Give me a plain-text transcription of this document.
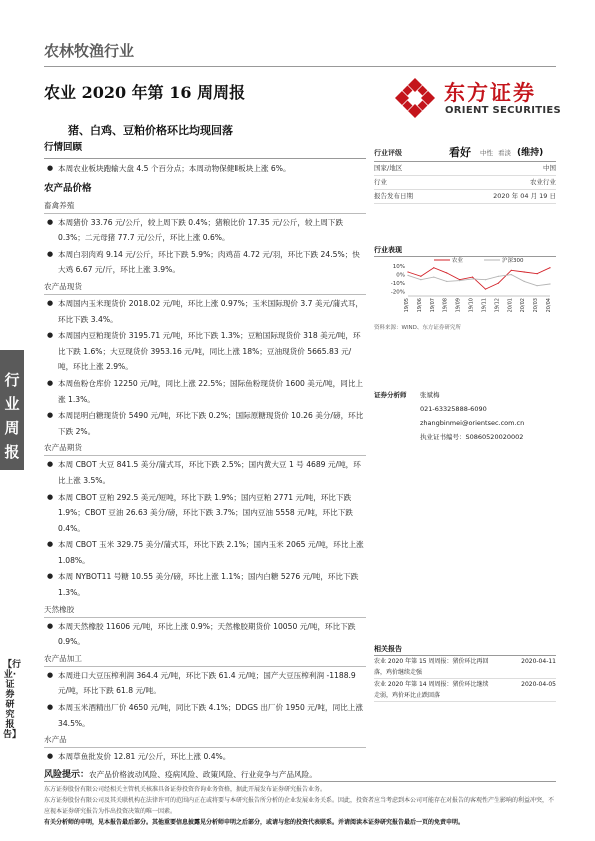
农林牧渔行业
农业 2020 年第 16 周周报
猪、白鸡、豆粕价格环比均现回落
东方证券
ORIENT SECURITIES
行情回顾
● 本周农业板块跑输大盘 4.5 个百分点；本周动物保健Ⅱ板块上涨 6%。
农产品价格
畜禽养殖
● 本周猪价 33.76 元/公斤，较上周下跌 0.4%；猪粮比价 17.35 元/公斤，较上周下跌 0.3%；二元母猪 77.7 元/公斤，环比上涨 0.6%。
● 本周白羽肉鸡 9.14 元/公斤，环比下跌 5.9%；肉鸡苗 4.72 元/羽，环比下跌 24.5%；快大鸡 6.67 元/斤，环比上涨 3.9%。
农产品现货
● 本周国内玉米现货价 2018.02 元/吨，环比上涨 0.97%；玉米国际现价 3.7 美元/蒲式耳，环比下跌 3.4%。
● 本周国内豆粕现货价 3195.71 元/吨，环比下跌 1.3%；豆粕国际现货价 318 美元/吨，环比下跌 1.6%；大豆现货价 3953.16 元/吨，同比上涨 18%；豆油现货价 5665.83 元/吨，环比上涨 2.9%。
● 本周鱼粉仓库价 12250 元/吨，同比上涨 22.5%；国际鱼粉现货价 1600 美元/吨，同比上涨 1.3%。
● 本周昆明白糖现货价 5490 元/吨，环比下跌 0.2%；国际原糖现货价 10.26 美分/磅，环比下跌 2%。
农产品期货
● 本周 CBOT 大豆 841.5 美分/蒲式耳，环比下跌 2.5%；国内黄大豆 1 号 4689 元/吨，环比上涨 3.5%。
● 本周 CBOT 豆粕 292.5 美元/短吨，环比下跌 1.9%；国内豆粕 2771 元/吨，环比下跌 1.9%；CBOT 豆油 26.63 美分/磅，环比下跌 3.7%；国内豆油 5558 元/吨，环比下跌 0.4%。
● 本周 CBOT 玉米 329.75 美分/蒲式耳，环比下跌 2.1%；国内玉米 2065 元/吨，环比上涨 1.08%。
● 本周 NYBOT11 号糖 10.55 美分/磅，环比上涨 1.1%；国内白糖 5276 元/吨，环比下跌 1.3%。
天然橡胶
● 本周天然橡胶 11606 元/吨，环比上涨 0.9%；天然橡胶期货价 10050 元/吨，环比下跌 0.9%。
农产品加工
● 本周进口大豆压榨利润 364.4 元/吨，环比下跌 61.4 元/吨；国产大豆压榨利润 -1188.9 元/吨，环比下跌 61.8 元/吨。
● 本周玉米酒精出厂价 4650 元/吨，同比下跌 4.1%；DDGS 出厂价 1950 元/吨，同比上涨 34.5%。
水产品
● 本周草鱼批发价 12.81 元/公斤，环比上涨 0.4%。
风险提示：农产品价格波动风险、疫病风险、政策风险、行业竞争与产品风险。
行
业
周
报
【行业·证券研究报告】
行业评级	看好 中性 看淡 (维持)
国家/地区	中国
行业	农业行业
报告发布日期	2020 年 04 月 19 日
行业表现
10%
0%
-10%
-20%
19/05 19/06 19/07 19/08 19/09 19/10 19/11 19/12 20/01 20/02 20/03 20/04
农业	沪深300
资料来源：WIND、东方证券研究所
证券分析师	张斌梅
021-63325888-6090
zhangbinmei@orientsec.com.cn
执业证书编号：S0860520020002
相关报告
农业 2020 年第 15 周周报：猪价环比再回落，鸡价继续走强
2020-04-11
农业 2020 年第 14 周周报：猪价环比继续走弱，鸡价环比止跌回落
2020-04-05
东方证券股份有限公司经相关主管机关核准具备证券投资咨询业务资格，据此开展发布证券研究报告业务。
东方证券股份有限公司及其关联机构在法律许可的范围内正在或将要与本研究报告所分析的企业发展业务关系。因此，投资者应当考虑到本公司可能存在对报告的客观性产生影响的利益冲突，不应视本证券研究报告为作出投资决策的唯一因素。
有关分析师的申明，见本报告最后部分。其他重要信息披露见分析师申明之后部分，或请与您的投资代表联系。并请阅读本证券研究报告最后一页的免责申明。
